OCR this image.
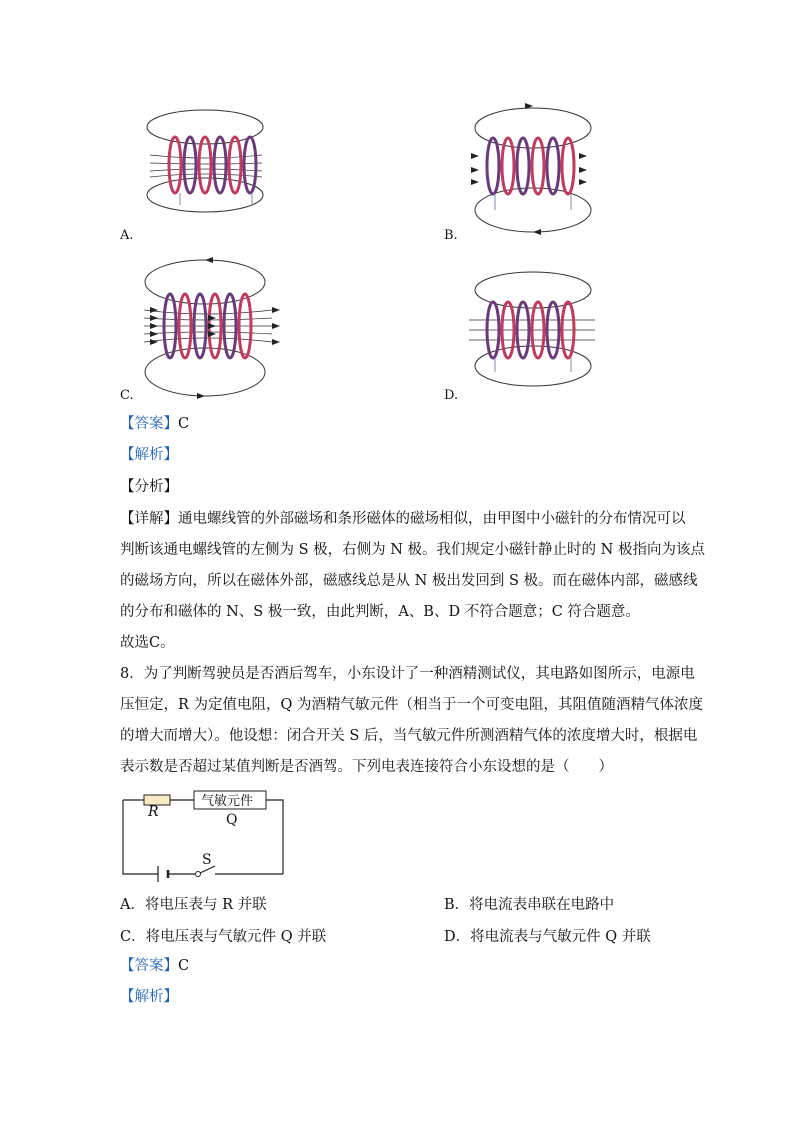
A.	B.
C.	D.
【答案】C
【解析】
【分析】
【详解】通电螺线管的外部磁场和条形磁体的磁场相似，由甲图中小磁针的分布情况可以
判断该通电螺线管的左侧为 S 极，右侧为 N 极。我们规定小磁针静止时的 N 极指向为该点
的磁场方向，所以在磁体外部，磁感线总是从 N 极出发回到 S 极。而在磁体内部，磁感线
的分布和磁体的 N、S 极一致，由此判断，A、B、D 不符合题意；C 符合题意。
故选C。
8．为了判断驾驶员是否酒后驾车，小东设计了一种酒精测试仪，其电路如图所示，电源电
压恒定，R 为定值电阻，Q 为酒精气敏元件（相当于一个可变电阻，其阻值随酒精气体浓度
的增大而增大）。他设想：闭合开关 S 后，当气敏元件所测酒精气体的浓度增大时，根据电
表示数是否超过某值判断是否酒驾。下列电表连接符合小东设想的是（　　）
R
气敏元件
Q
S
A．将电压表与 R 并联	B．将电流表串联在电路中
C．将电压表与气敏元件 Q 并联	D．将电流表与气敏元件 Q 并联
【答案】C
【解析】
